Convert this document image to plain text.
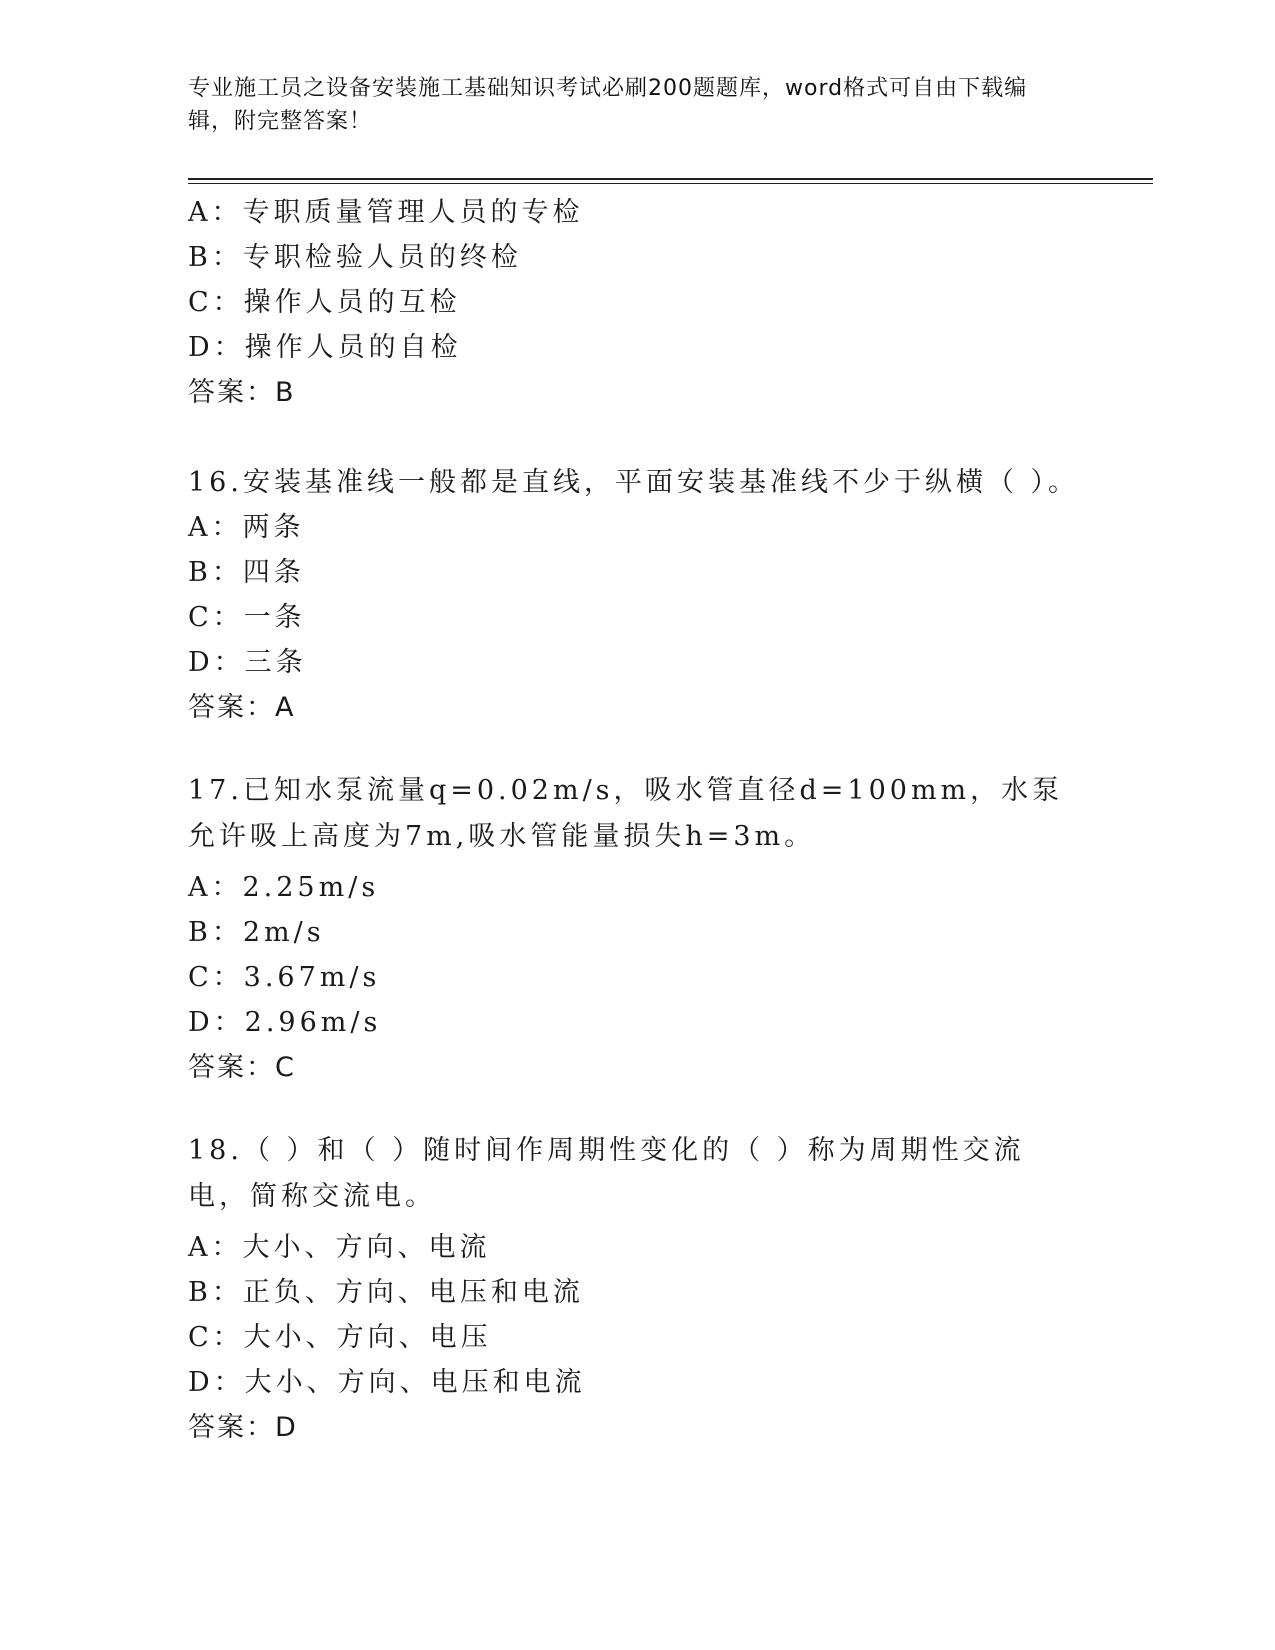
专业施工员之设备安装施工基础知识考试必刷200题题库，word格式可自由下载编辑，附完整答案！
A：专职质量管理人员的专检
B：专职检验人员的终检
C：操作人员的互检
D：操作人员的自检
答案：B
16.安装基准线一般都是直线，平面安装基准线不少于纵横（ ）。
A：两条
B：四条
C：一条
D：三条
答案：A
17.已知水泵流量q=0.02m/s，吸水管直径d=100mm，水泵允许吸上高度为7m,吸水管能量损失h=3m。
A：2.25m/s
B：2m/s
C：3.67m/s
D：2.96m/s
答案：C
18.（ ）和（ ）随时间作周期性变化的（ ）称为周期性交流电，简称交流电。
A：大小、方向、电流
B：正负、方向、电压和电流
C：大小、方向、电压
D：大小、方向、电压和电流
答案：D
